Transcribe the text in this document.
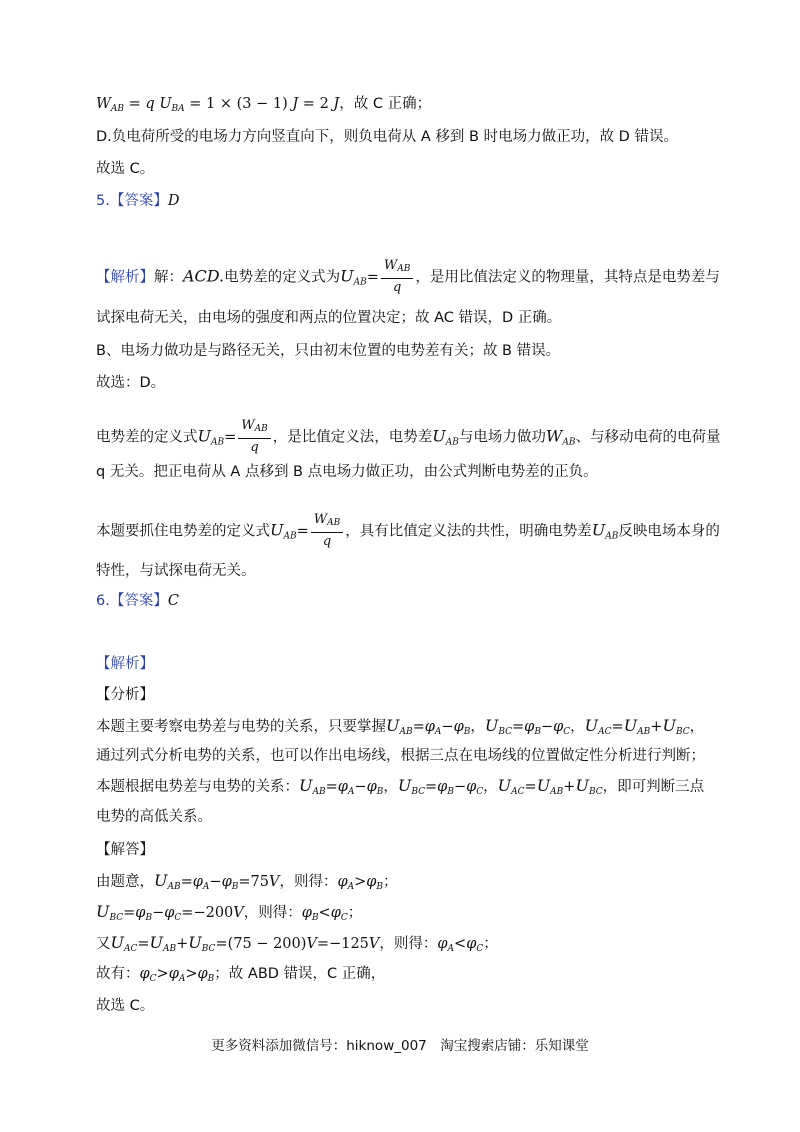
$W_{AB} = q$ $U_{BA} = 1 \times (3 - 1) J = 2$ J，故 C 正确；
D.负电荷所受的电场力方向竖直向下，则负电荷从 A 移到 B 时电场力做正功，故 D 错误。
故选 C。
5.【答案】D
【解析】解：ACD.电势差的定义式为$U_{AB}= \frac{W_{AB}}{q}$ ，是用比值法定义的物理量，其特点是电势差与
试探电荷无关，由电场的强度和两点的位置决定；故 AC 错误，D 正确。
B、电场力做功是与路径无关，只由初末位置的电势差有关；故 B 错误。
故选：D。
电势差的定义式$U_{AB}= \frac{W_{AB}}{q}$ ，是比值定义法，电势差$U_{AB}$与电场力做功$W_{AB}$、与移动电荷的电荷量
q 无关。把正电荷从 A 点移到 B 点电场力做正功，由公式判断电势差的正负。
本题要抓住电势差的定义式$U_{AB}= \frac{W_{AB}}{q}$ ，具有比值定义法的共性，明确电势差$U_{AB}$反映电场本身的
特性，与试探电荷无关。
6.【答案】C
【解析】
【分析】
本题主要考察电势差与电势的关系，只要掌握$U_{AB}=\varphi_A-\varphi_B$，$U_{BC}=\varphi_B-\varphi_C$，$U_{AC}=U_{AB}+U_{BC}$，
通过列式分析电势的关系，也可以作出电场线，根据三点在电场线的位置做定性分析进行判断；
本题根据电势差与电势的关系：$U_{AB}=\varphi_A-\varphi_B$，$U_{BC}=\varphi_B-\varphi_C$，$U_{AC}=U_{AB}+U_{BC}$，即可判断三点
电势的高低关系。
【解答】
由题意，$U_{AB}=\varphi_A-\varphi_B=75V$，则得：$\varphi_A>\varphi_B$；
$U_{BC}=\varphi_B-\varphi_C=-200V$，则得：$\varphi_B<\varphi_C$；
又$U_{AC}=U_{AB}+U_{BC}=(75 - 200)V=-125V$，则得：$\varphi_A<\varphi_C$；
故有：$\varphi_C>\varphi_A>\varphi_B$；故 ABD 错误，C 正确，
故选 C。
更多资料添加微信号：hiknow_007　淘宝搜索店铺：乐知课堂
